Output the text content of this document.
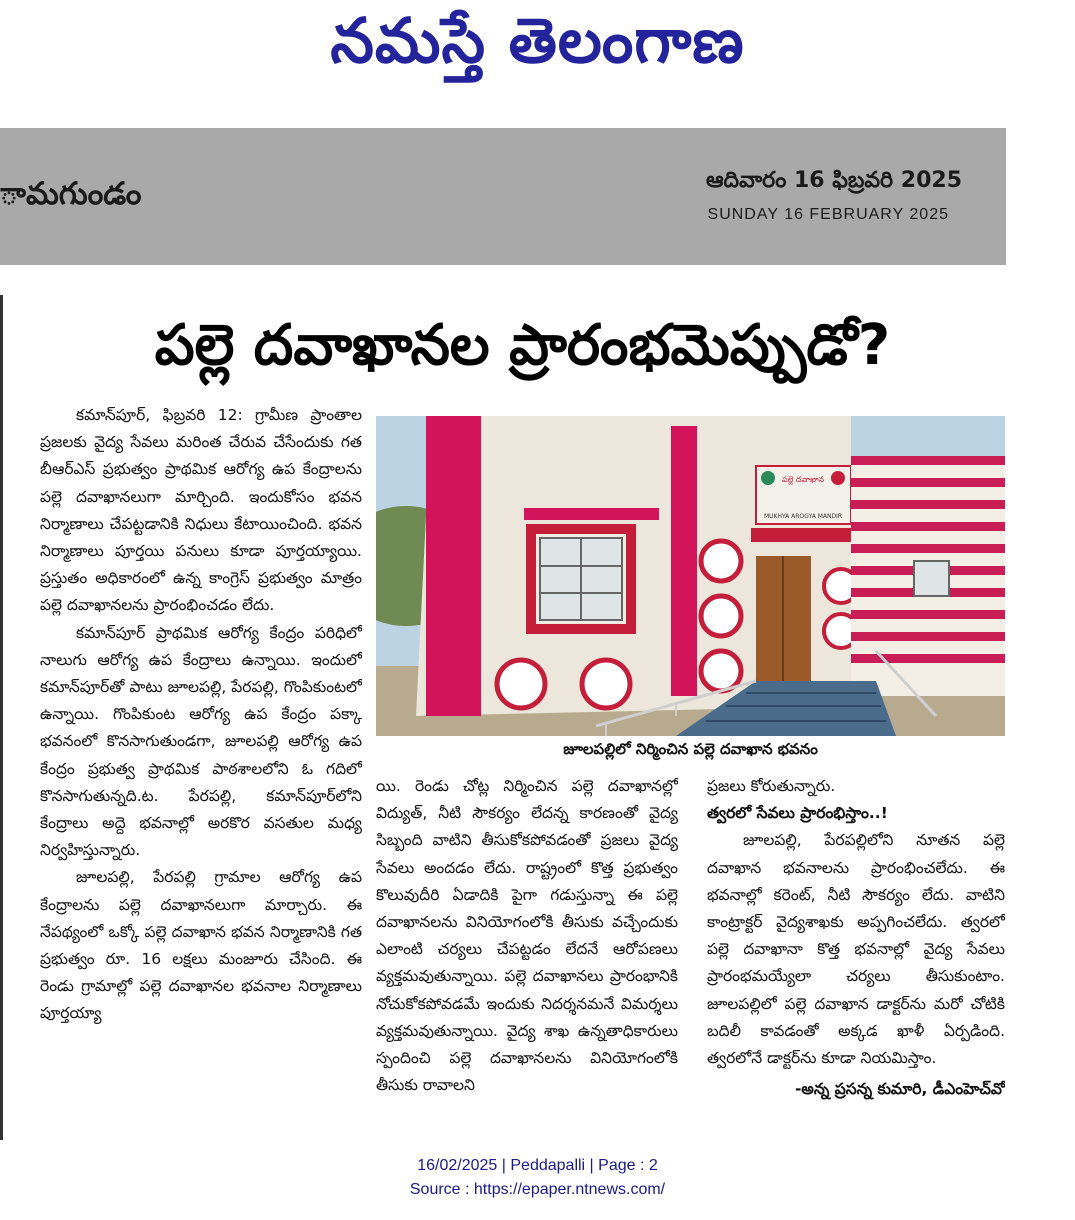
నమస్తే తెలంగాణ
ామగుండం	ఆదివారం 16 ఫిబ్రవరి 2025
SUNDAY 16 FEBRUARY 2025
పల్లె దవాఖానల ప్రారంభమెప్పుడో?

కమాన్‌పూర్, ఫిబ్రవరి 12: గ్రామీణ ప్రాంతాల ప్రజలకు వైద్య సేవలు మరింత చేరువ చేసేందుకు గత బీఆర్‌ఎస్ ప్రభుత్వం ప్రాథమిక ఆరోగ్య ఉప కేంద్రాలను పల్లె దవాఖానలుగా మార్చింది. ఇందుకోసం భవన నిర్మాణాలు చేపట్టడానికి నిధులు కేటాయించింది. భవన నిర్మాణాలు పూర్తయి పనులు కూడా పూర్తయ్యాయి. ప్రస్తుతం అధికారంలో ఉన్న కాంగ్రెస్ ప్రభుత్వం మాత్రం పల్లె దవాఖానలను ప్రారంభించడం లేదు.

కమాన్‌పూర్ ప్రాథమిక ఆరోగ్య కేంద్రం పరిధిలో నాలుగు ఆరోగ్య ఉప కేంద్రాలు ఉన్నాయి. ఇందులో కమాన్‌పూర్‌తో పాటు జూలపల్లి, పేరపల్లి, గొంపికుంటలో ఉన్నాయి. గొంపికుంట ఆరోగ్య ఉప కేంద్రం పక్కా భవనంలో కొనసాగుతుండగా, జూలపల్లి ఆరోగ్య ఉప కేంద్రం ప్రభుత్వ ప్రాథమిక పాఠశాలలోని ఓ గదిలో కొనసాగుతున్నది.ట. పేరపల్లి, కమాన్‌పూర్‌లోని కేంద్రాలు అద్దె భవనాల్లో అరకొర వసతుల మధ్య నిర్వహిస్తున్నారు.

జూలపల్లి, పేరపల్లి గ్రామాల ఆరోగ్య ఉప కేంద్రాలను పల్లె దవాఖానలుగా మార్చారు. ఈ నేపథ్యంలో ఒక్కో పల్లె దవాఖాన భవన నిర్మాణానికి గత ప్రభుత్వం రూ. 16 లక్షలు మంజూరు చేసింది. ఈ రెండు గ్రామాల్లో పల్లె దవాఖానల భవనాల నిర్మాణాలు పూర్తయ్యా

పల్లె దవాఖాన
MUKHYA AROGYA MANDIR
జూలపల్లిలో నిర్మించిన పల్లె దవాఖాన భవనం

యి. రెండు చోట్ల నిర్మించిన పల్లె దవాఖానల్లో విద్యుత్, నీటి సౌకర్యం లేదన్న కారణంతో వైద్య సిబ్బంది వాటిని తీసుకోకపోవడంతో ప్రజలు వైద్య సేవలు అందడం లేదు. రాష్ట్రంలో కొత్త ప్రభుత్వం కొలువుదీరి ఏడాదికి పైగా గడుస్తున్నా ఈ పల్లె దవాఖానలను వినియోగంలోకి తీసుకు వచ్చేందుకు ఎలాంటి చర్యలు చేపట్టడం లేదనే ఆరోపణలు వ్యక్తమవుతున్నాయి. పల్లె దవాఖానలు ప్రారంభానికి నోచుకోకపోవడమే ఇందుకు నిదర్శనమనే విమర్శలు వ్యక్తమవుతున్నాయి. వైద్య శాఖ ఉన్నతాధికారులు స్పందించి పల్లె దవాఖానలను వినియోగంలోకి తీసుకు రావాలని

ప్రజలు కోరుతున్నారు.

త్వరలో సేవలు ప్రారంభిస్తాం..!

జూలపల్లి, పేరపల్లిలోని నూతన పల్లె దవాఖాన భవనాలను ప్రారంభించలేదు. ఈ భవనాల్లో కరెంట్, నీటి సౌకర్యం లేదు. వాటిని కాంట్రాక్టర్ వైద్యశాఖకు అప్పగించలేదు. త్వరలో పల్లె దవాఖానా కొత్త భవనాల్లో వైద్య సేవలు ప్రారంభమయ్యేలా చర్యలు తీసుకుంటాం. జూలపల్లిలో పల్లె దవాఖాన డాక్టర్‌ను మరో చోటికి బదిలీ కావడంతో అక్కడ ఖాళీ ఏర్పడింది. త్వరలోనే డాక్టర్‌ను కూడా నియమిస్తాం.

-అన్న ప్రసన్న కుమారి, డీఎంహెచ్‌వో

16/02/2025 | Peddapalli | Page : 2
Source : https://epaper.ntnews.com/
